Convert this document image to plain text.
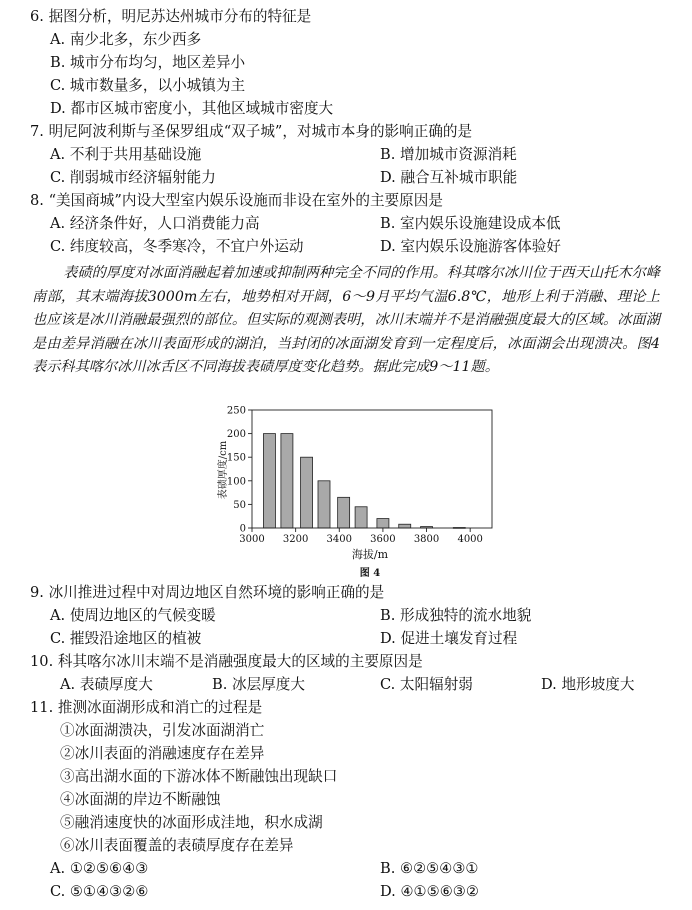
6. 据图分析，明尼苏达州城市分布的特征是
A. 南少北多，东少西多
B. 城市分布均匀，地区差异小
C. 城市数量多，以小城镇为主
D. 都市区城市密度小，其他区域城市密度大
7. 明尼阿波利斯与圣保罗组成“双子城”，对城市本身的影响正确的是
A. 不利于共用基础设施	B. 增加城市资源消耗
C. 削弱城市经济辐射能力	D. 融合互补城市职能
8. “美国商城”内设大型室内娱乐设施而非设在室外的主要原因是
A. 经济条件好，人口消费能力高	B. 室内娱乐设施建设成本低
C. 纬度较高，冬季寒冷，不宜户外运动	D. 室内娱乐设施游客体验好

表碛的厚度对冰面消融起着加速或抑制两种完全不同的作用。科其喀尔冰川位于西天山托木尔峰南部，其末端海拔3000m左右，地势相对开阔，6～9月平均气温6.8℃，地形上利于消融、理论上也应该是冰川消融最强烈的部位。但实际的观测表明，冰川末端并不是消融强度最大的区域。冰面湖是由差异消融在冰川表面形成的湖泊，当封闭的冰面湖发育到一定程度后，冰面湖会出现溃决。图4表示科其喀尔冰川冰舌区不同海拔表碛厚度变化趋势。据此完成9～11题。

0
50
100
150
200
250
3000 3200 3400 3600 3800 4000
海拔/m
表碛厚度/cm
图 4
9. 冰川推进过程中对周边地区自然环境的影响正确的是
A. 使周边地区的气候变暖	B. 形成独特的流水地貌
C. 摧毁沿途地区的植被	D. 促进土壤发育过程
10. 科其喀尔冰川末端不是消融强度最大的区域的主要原因是
A. 表碛厚度大	B. 冰层厚度大	C. 太阳辐射弱	D. 地形坡度大
11. 推测冰面湖形成和消亡的过程是
①冰面湖溃决，引发冰面湖消亡
②冰川表面的消融速度存在差异
③高出湖水面的下游冰体不断融蚀出现缺口
④冰面湖的岸边不断融蚀
⑤融消速度快的冰面形成洼地，积水成湖
⑥冰川表面覆盖的表碛厚度存在差异
A. ①②⑤⑥④③	B. ⑥②⑤④③①
C. ⑤①④③②⑥	D. ④①⑤⑥③②
